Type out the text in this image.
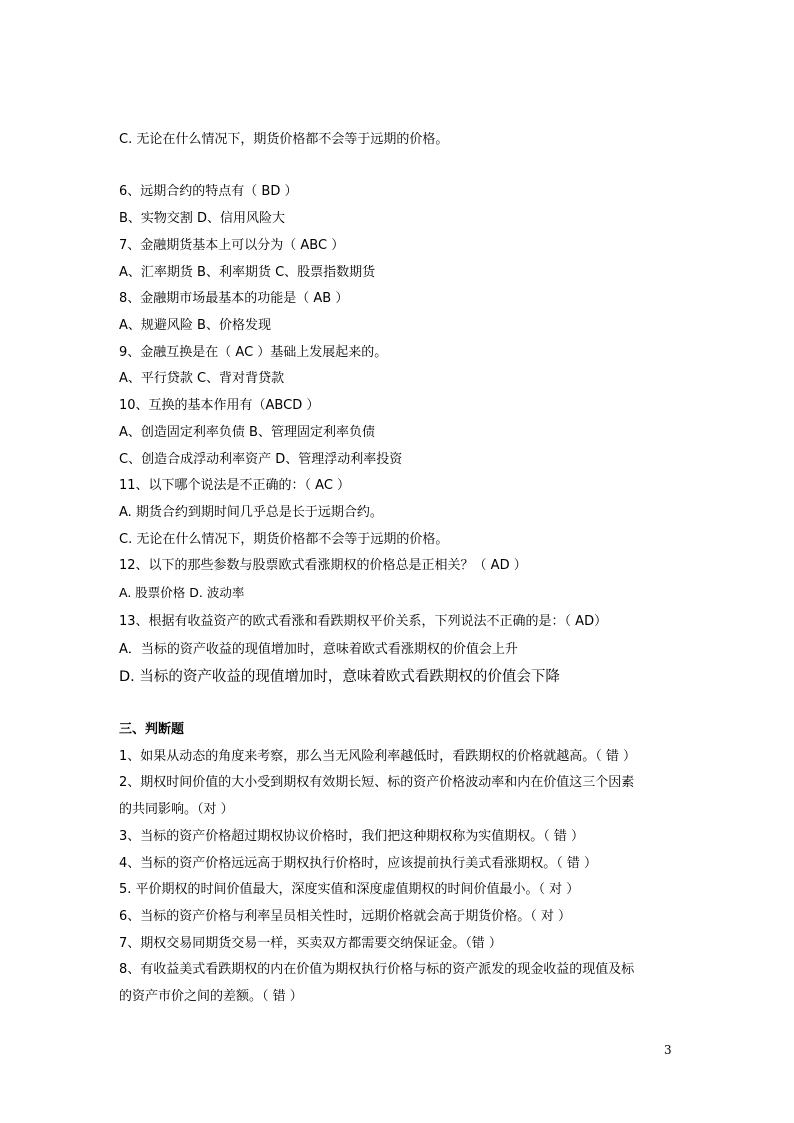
C. 无论在什么情况下，期货价格都不会等于远期的价格。
6、远期合约的特点有（ BD ）
B、实物交割 D、信用风险大
7、金融期货基本上可以分为（ ABC ）
A、汇率期货 B、利率期货 C、股票指数期货
8、金融期市场最基本的功能是（ AB ）
A、规避风险 B、价格发现
9、金融互换是在（ AC ）基础上发展起来的。
A、平行贷款 C、背对背贷款
10、互换的基本作用有（ABCD ）
A、创造固定利率负债 B、管理固定利率负债
C、创造合成浮动利率资产 D、管理浮动利率投资
11、以下哪个说法是不正确的：（ AC ）
A. 期货合约到期时间几乎总是长于远期合约。
C. 无论在什么情况下，期货价格都不会等于远期的价格。
12、以下的那些参数与股票欧式看涨期权的价格总是正相关？（ AD ）
A. 股票价格 D. 波动率
13、根据有收益资产的欧式看涨和看跌期权平价关系，下列说法不正确的是：（ AD）
A．当标的资产收益的现值增加时，意味着欧式看涨期权的价值会上升
D. 当标的资产收益的现值增加时，意味着欧式看跌期权的价值会下降
三、判断题
1、如果从动态的角度来考察，那么当无风险利率越低时，看跌期权的价格就越高。（ 错 ）
2、期权时间价值的大小受到期权有效期长短、标的资产价格波动率和内在价值这三个因素
的共同影响。（对 ）
3、当标的资产价格超过期权协议价格时，我们把这种期权称为实值期权。（ 错 ）
4、当标的资产价格远远高于期权执行价格时，应该提前执行美式看涨期权。（ 错 ）
5. 平价期权的时间价值最大，深度实值和深度虚值期权的时间价值最小。（ 对 ）
6、当标的资产价格与利率呈员相关性时，远期价格就会高于期货价格。（ 对 ）
7、期权交易同期货交易一样，买卖双方都需要交纳保证金。（错 ）
8、有收益美式看跌期权的内在价值为期权执行价格与标的资产派发的现金收益的现值及标
的资产市价之间的差额。（ 错 ）
3
